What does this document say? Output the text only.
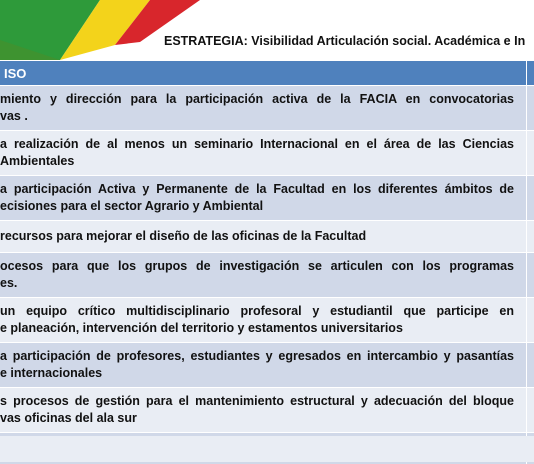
ESTRATEGIA: Visibilidad Articulación social. Académica e In
ISO
miento y dirección para la participación activa de la FACIA en convocatorias
vas .
a realización de al menos un seminario Internacional en el área de las Ciencias
Ambientales
a participación Activa y Permanente de la Facultad en los diferentes ámbitos de
ecisiones para el sector Agrario y Ambiental
recursos para mejorar el diseño de las oficinas de la Facultad
ocesos para que los grupos de investigación se articulen con los programas
es.
un equipo crítico multidisciplinario profesoral y estudiantil que participe en
e planeación, intervención del territorio y estamentos universitarios
a participación de profesores, estudiantes y egresados en intercambio y pasantías
e internacionales
s procesos de gestión para el mantenimiento estructural y adecuación del bloque
vas oficinas del ala sur
